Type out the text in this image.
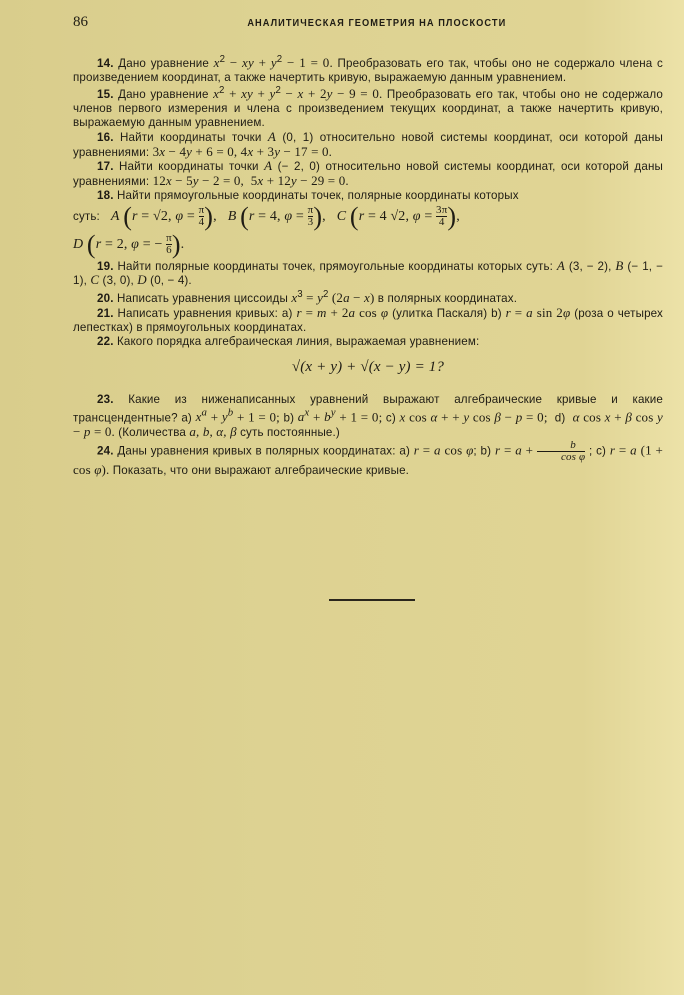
86	АНАЛИТИЧЕСКАЯ ГЕОМЕТРИЯ НА ПЛОСКОСТИ

14. Дано уравнение $x^2$ − xy + $y^2 - 1 = 0$. Преобразовать его так, чтобы оно не содержало члена с произведением координат, а также начертить кривую, выражаемую данным уравнением.

15. Дано уравнение $x^2$ + xy + $y^2 - x + 2y - 9 = 0$. Преобразовать его так, чтобы оно не содержало членов первого измерения и члена с произведением текущих координат, а также начертить кривую, выражаемую данным уравнением.

16. Найти координаты точки A (0, 1) относительно новой системы координат, оси которой даны уравнениями: 3x − 4y + 6 = 0, 4x + 3y − 17 = 0.

17. Найти координаты точки A (− 2, 0) относительно новой системы координат, оси которой даны уравнениями: 12x − 5y − 2 = 0,  5x + 12y − 29 = 0.

18. Найти прямоугольные координаты точек, полярные координаты которых

суть: A (r = √2, $\varphi = \frac{\pi}{4}$ ), B (r = 4, $\varphi = \frac{\pi}{3}$ ), C (r = 4 √2, $\varphi = \frac{3\pi}{4}$ ),
D (r = 2, φ = − $\frac{\pi}{6}$ ).

19. Найти полярные координаты точек, прямоугольные координаты которых суть: A (3, − 2), B (− 1, − 1), C (3, 0), D (0, − 4).

20. Написать уравнения циссоиды $x^3 = y^2$ (2a − x) в полярных координатах.

21. Написать уравнения кривых: a) r = m + 2a cos φ (улитка Паскаля) b) r = a sin 2φ (роза о четырех лепестках) в прямоугольных координатах.

22. Какого порядка алгебраическая линия, выражаемая уравнением:

√(x + y) + √(x − y) = 1?

23. Какие из ниженаписанных уравнений выражают алгебраические кривые и какие трансцендентные? a) $x^a + y^b + 1 = 0$; b) $a^x + b^y + 1 = 0$; c) x cos α + + y cos β − p = 0;  d)  α cos x + β cos y − p = 0. (Количества a, b, α, β суть постоянные.)

24. Даны уравнения кривых в полярных координатах: a) r = a cos φ; b) $r = a + \frac{b}{\text{cos φ}}$ ; c) r = a (1 + cos φ). Показать, что они выражают алгебраические кривые.
